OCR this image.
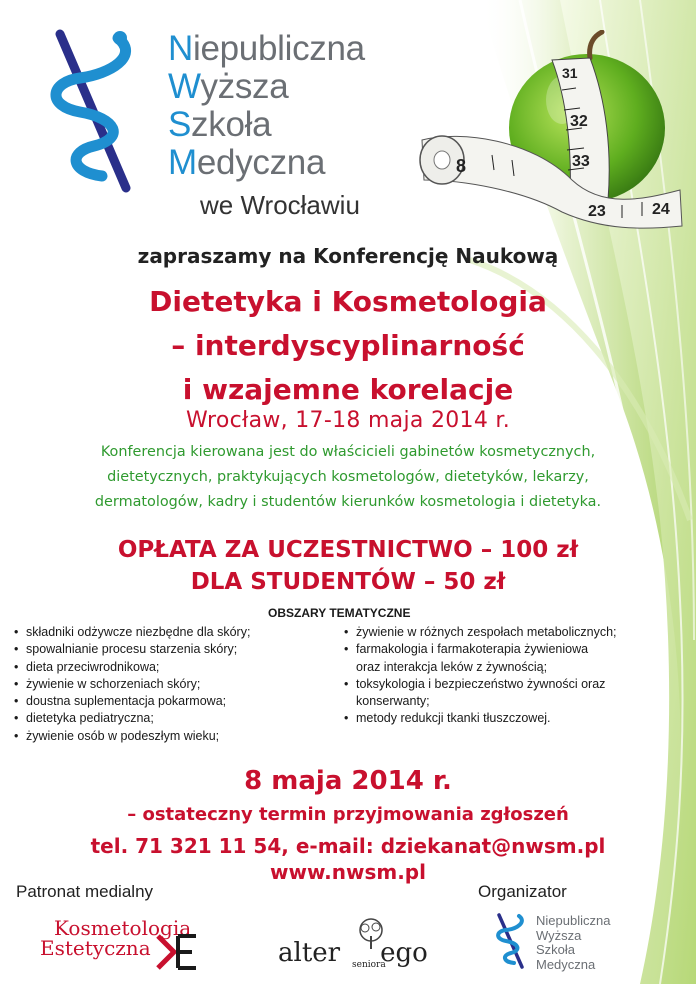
Niepubliczna
Wyższa
Szkoła
Medyczna
we Wrocławiu
31
32
33
8
23	24
zapraszamy na Konferencję Naukową
Dietetyka i Kosmetologia
– interdyscyplinarność
i wzajemne korelacje
Wrocław, 17-18 maja 2014 r.
Konferencja kierowana jest do właścicieli gabinetów kosmetycznych,
dietetycznych, praktykujących kosmetologów, dietetyków, lekarzy,
dermatologów, kadry i studentów kierunków kosmetologia i dietetyka.
OPŁATA ZA UCZESTNICTWO – 100 zł
DLA STUDENTÓW – 50 zł
OBSZARY TEMATYCZNE
• składniki odżywcze niezbędne dla skóry;
• spowalnianie procesu starzenia skóry;
• dieta przeciwrodnikowa;
• żywienie w schorzeniach skóry;
• doustna suplementacja pokarmowa;
• dietetyka pediatryczna;
• żywienie osób w podeszłym wieku;
• żywienie w różnych zespołach metabolicznych;
• farmakologia i farmakoterapia żywieniowa
oraz interakcja leków z żywnością;
• toksykologia i bezpieczeństwo żywności oraz
konserwanty;
• metody redukcji tkanki tłuszczowej.
8 maja 2014 r.
– ostateczny termin przyjmowania zgłoszeń
tel. 71 321 11 54, e-mail: dziekanat@nwsm.pl
www.nwsm.pl
Patronat medialny	Organizator
Kosmetologia
Estetyczna	alter ego
seniora
Niepubliczna
Wyższa
Szkoła
Medyczna
